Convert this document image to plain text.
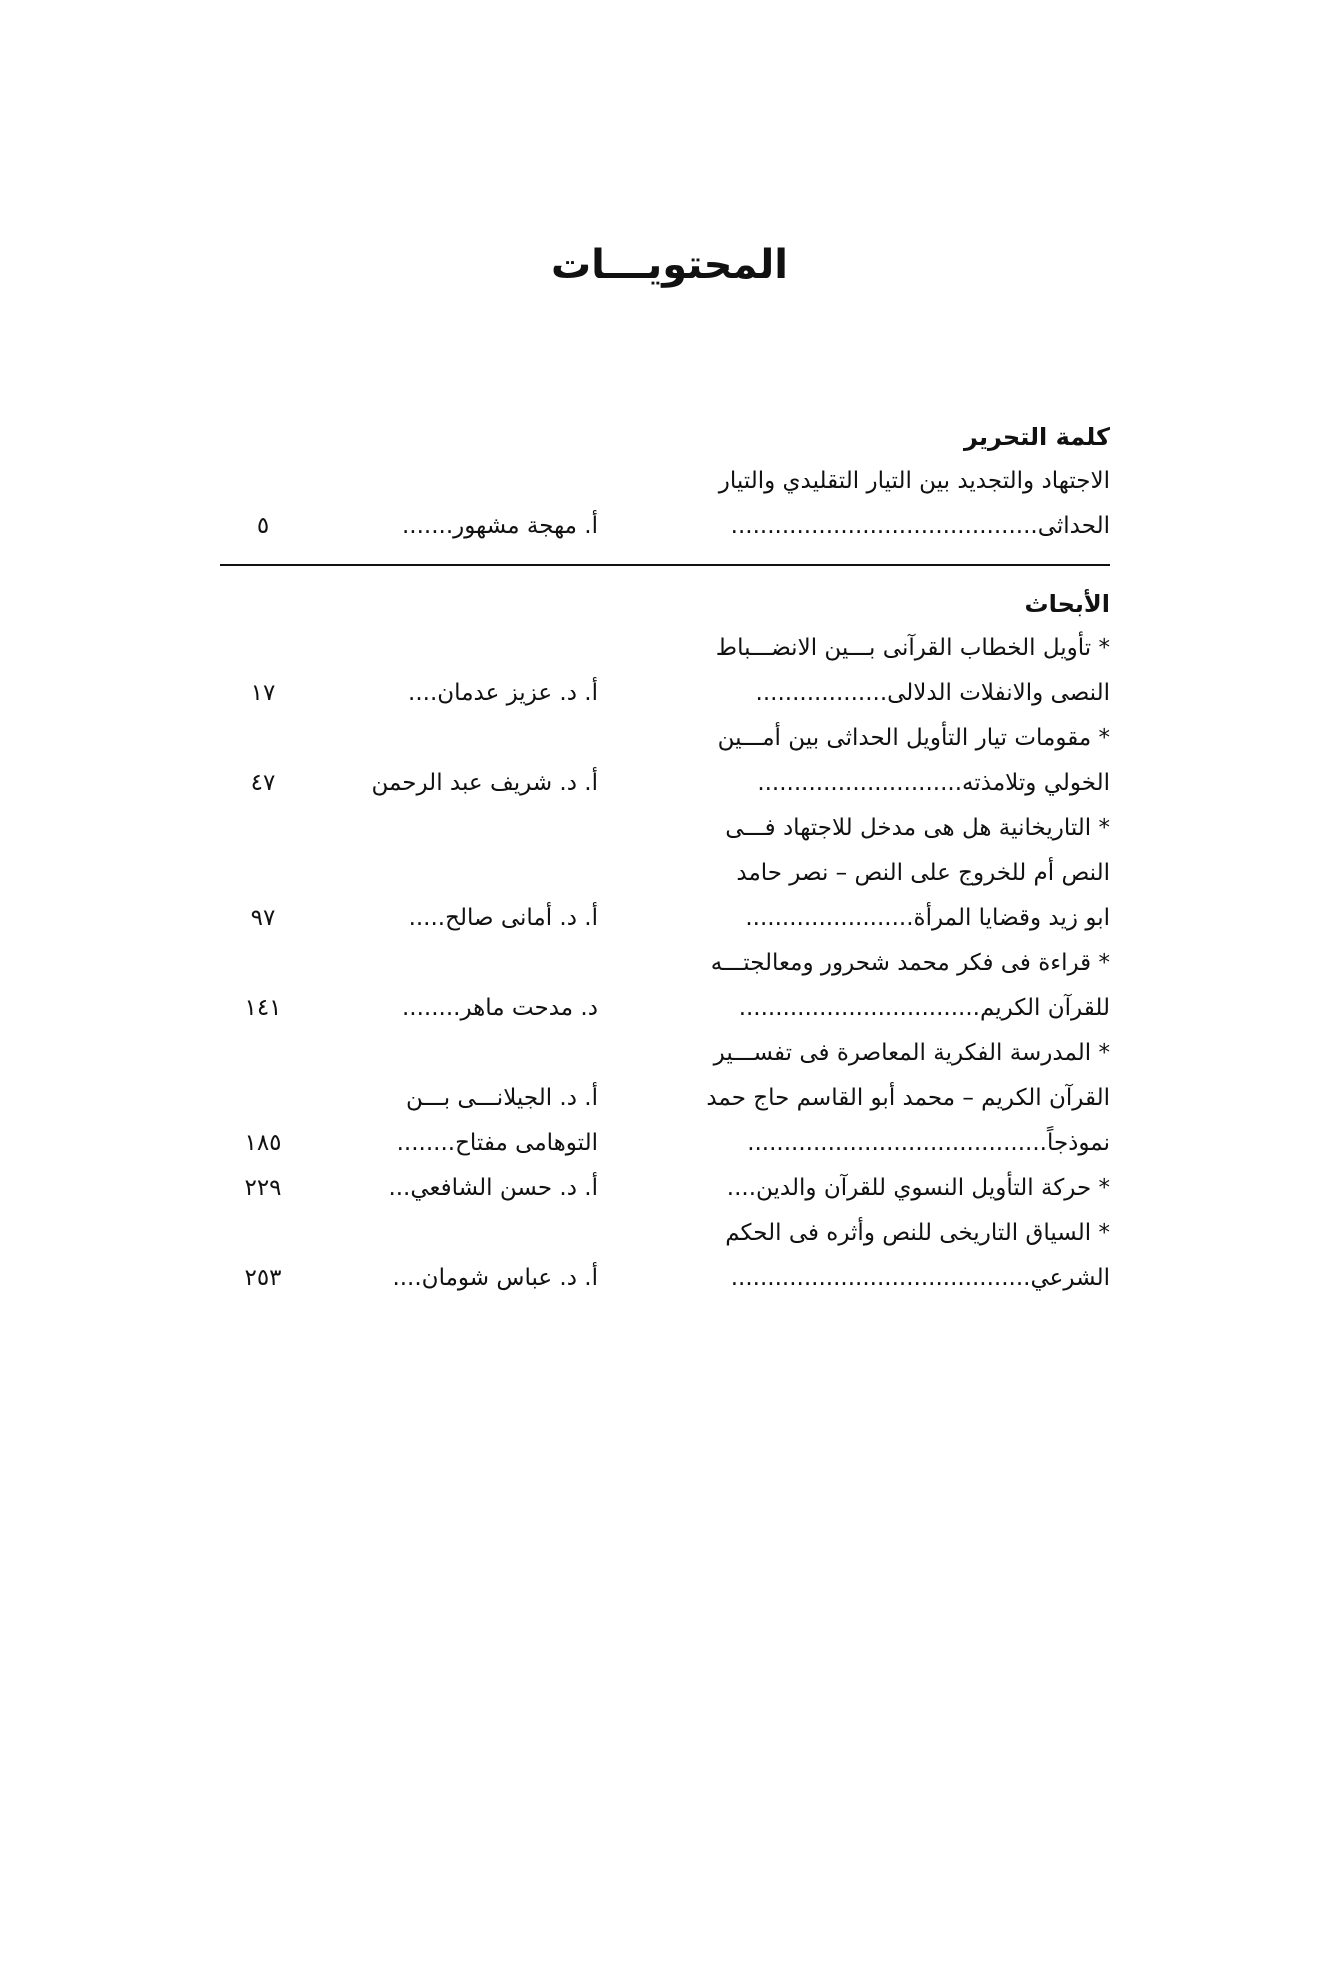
المحتويـــات
كلمة التحرير
الاجتهاد والتجديد بين التيار التقليدي والتيار
الحداثى..........................................
أ. مهجة مشهور.......
٥
الأبحاث
* تأويل الخطاب القرآنى بـــين الانضـــباط
النصى والانفلات الدلالى..................
أ. د. عزيز عدمان....
١٧
* مقومات تيار التأويل الحداثى بين أمـــين
الخولي وتلامذته............................
أ. د. شريف عبد الرحمن
٤٧
* التاريخانية هل هى مدخل للاجتهاد فـــى
النص أم للخروج على النص – نصر حامد
ابو زيد وقضايا المرأة.......................
أ. د. أمانى صالح.....
٩٧
* قراءة فى فكر محمد شحرور ومعالجتـــه
للقرآن الكريم.................................
د. مدحت ماهر........
١٤١
* المدرسة الفكرية المعاصرة فى تفســـير
القرآن الكريم – محمد أبو القاسم حاج حمد
أ. د. الجيلانـــى بـــن
نموذجاً.........................................
التوهامى مفتاح........
١٨٥
* حركة التأويل النسوي للقرآن والدين....
أ. د. حسن الشافعي...
٢٢٩
* السياق التاريخى للنص وأثره فى الحكم
الشرعي.........................................
أ. د. عباس شومان....
٢٥٣
